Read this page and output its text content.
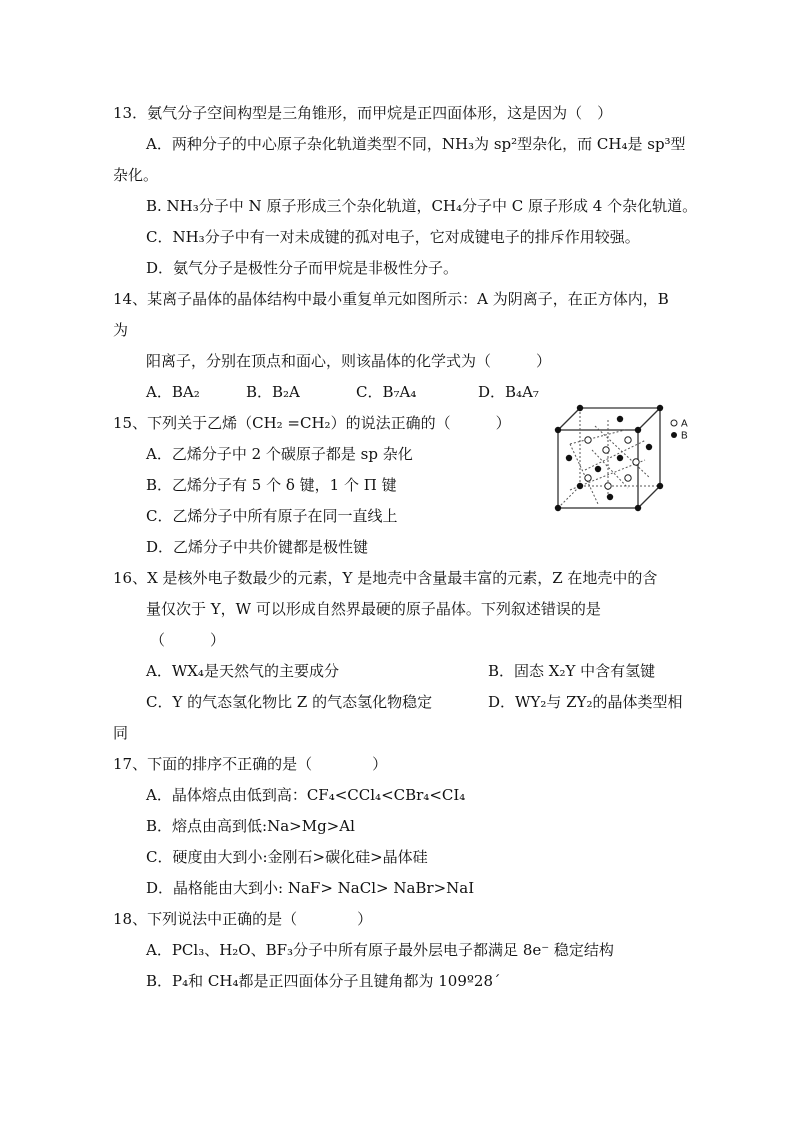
13．氨气分子空间构型是三角锥形，而甲烷是正四面体形，这是因为（　）
A．两种分子的中心原子杂化轨道类型不同，NH₃为 sp²型杂化，而 CH₄是 sp³型
杂化。
B. NH₃分子中 N 原子形成三个杂化轨道，CH₄分子中 C 原子形成 4 个杂化轨道。
C．NH₃分子中有一对未成键的孤对电子，它对成键电子的排斥作用较强。
D．氨气分子是极性分子而甲烷是非极性分子。
14、某离子晶体的晶体结构中最小重复单元如图所示：A 为阴离子，在正方体内，B
为
阳离子，分别在顶点和面心，则该晶体的化学式为（　　　）
A．BA₂	B．B₂A	C．B₇A₄	D．B₄A₇
15、下列关于乙烯（CH₂ =CH₂）的说法正确的（　　　）
A．乙烯分子中 2 个碳原子都是 sp 杂化
B．乙烯分子有 5 个 δ 键，1 个 Π 键
C．乙烯分子中所有原子在同一直线上
D．乙烯分子中共价键都是极性键
A
B
16、X 是核外电子数最少的元素，Y 是地壳中含量最丰富的元素，Z 在地壳中的含
量仅次于 Y，W 可以形成自然界最硬的原子晶体。下列叙述错误的是
（　　　）
A．WX₄是天然气的主要成分	B．固态 X₂Y 中含有氢键
C．Y 的气态氢化物比 Z 的气态氢化物稳定	D．WY₂与 ZY₂的晶体类型相
同
17、下面的排序不正确的是（　　　　）
A．晶体熔点由低到高：CF₄<CCl₄<CBr₄<CI₄
B．熔点由高到低:Na>Mg>Al
C．硬度由大到小:金刚石>碳化硅>晶体硅
D．晶格能由大到小: NaF> NaCl> NaBr>NaI
18、下列说法中正确的是（　　　　）
A．PCl₃、H₂O、BF₃分子中所有原子最外层电子都满足 8e⁻ 稳定结构
B．P₄和 CH₄都是正四面体分子且键角都为 109º28ˊ
